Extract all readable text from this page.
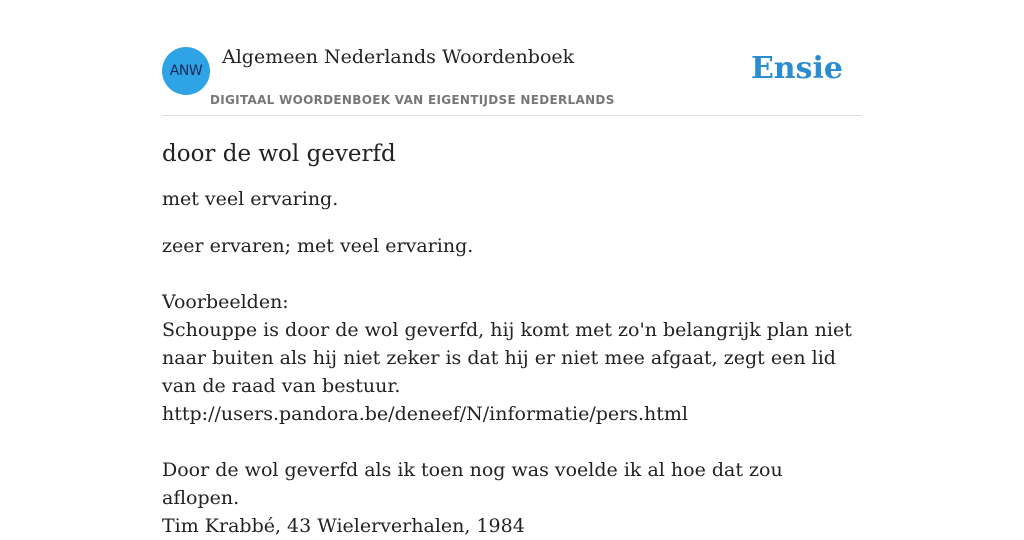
ANW
Algemeen Nederlands Woordenboek
DIGITAAL WOORDENBOEK VAN EIGENTIJDSE NEDERLANDS
Ensie
door de wol geverfd
met veel ervaring.
zeer ervaren; met veel ervaring.
Voorbeelden:
Schouppe is door de wol geverfd, hij komt met zo'n belangrijk plan niet naar buiten als hij niet zeker is dat hij er niet mee afgaat, zegt een lid van de raad van bestuur.
http://users.pandora.be/deneef/N/informatie/pers.html
Door de wol geverfd als ik toen nog was voelde ik al hoe dat zou aflopen.
Tim Krabbé, 43 Wielerverhalen, 1984
